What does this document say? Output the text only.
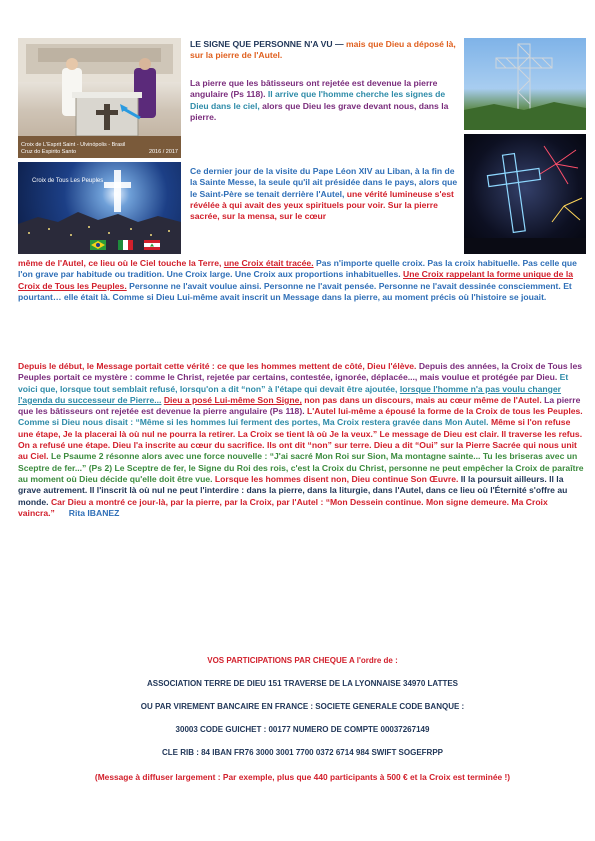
Croix de L'Esprit Saint - Ulvinópolis - Brasil
Cruz do Espirito Santo	2016 / 2017
Croix de Tous Les Peuples
LE SIGNE QUE PERSONNE N'A VU — mais que Dieu a déposé là, sur la pierre de l'Autel.
La pierre que les bâtisseurs ont rejetée est devenue la pierre angulaire (Ps 118). Il arrive que l'homme cherche les signes de Dieu dans le ciel, alors que Dieu les grave devant nous, dans la pierre.
Ce dernier jour de la visite du Pape Léon XIV au Liban, à la fin de la Sainte Messe, la seule qu'il ait présidée dans le pays, alors que le Saint-Père se tenait derrière l'Autel, une vérité lumineuse s'est révélée à qui avait des yeux spirituels pour voir. Sur la pierre sacrée, sur la mensa, sur le cœur
même de l'Autel, ce lieu où le Ciel touche la Terre, une Croix était tracée. Pas n'importe quelle croix. Pas la croix habituelle. Pas celle que l'on grave par habitude ou tradition. Une Croix large. Une Croix aux proportions inhabituelles. Une Croix rappelant la forme unique de la Croix de Tous les Peuples. Personne ne l'avait voulue ainsi. Personne ne l'avait pensée. Personne ne l'avait dessinée consciemment. Et pourtant… elle était là. Comme si Dieu Lui-même avait inscrit un Message dans la pierre, au moment précis où l'histoire se jouait.
Depuis le début, le Message portait cette vérité : ce que les hommes mettent de côté, Dieu l'élève. Depuis des années, la Croix de Tous les Peuples portait ce mystère : comme le Christ, rejetée par certains, contestée, ignorée, déplacée..., mais voulue et protégée par Dieu. Et voici que, lorsque tout semblait refusé, lorsqu'on a dit “non” à l'étape qui devait être ajoutée, lorsque l'homme n'a pas voulu changer l'agenda du successeur de Pierre... Dieu a posé Lui-même Son Signe, non pas dans un discours, mais au cœur même de l'Autel. La pierre que les bâtisseurs ont rejetée est devenue la pierre angulaire (Ps 118). L'Autel lui-même a épousé la forme de la Croix de tous les Peuples. Comme si Dieu nous disait : “Même si les hommes lui ferment des portes, Ma Croix restera gravée dans Mon Autel. Même si l'on refuse une étape, Je la placerai là où nul ne pourra la retirer. La Croix se tient là où Je la veux.” Le message de Dieu est clair. Il traverse les refus. On a refusé une étape. Dieu l'a inscrite au cœur du sacrifice. Ils ont dit “non” sur terre. Dieu a dit “Oui” sur la Pierre Sacrée qui nous unit au Ciel. Le Psaume 2 résonne alors avec une force nouvelle : “J'ai sacré Mon Roi sur Sion, Ma montagne sainte... Tu les briseras avec un Sceptre de fer...” (Ps 2) Le Sceptre de fer, le Signe du Roi des rois, c'est la Croix du Christ, personne ne peut empêcher la Croix de paraître au moment où Dieu décide qu'elle doit être vue. Lorsque les hommes disent non, Dieu continue Son Œuvre. Il la poursuit ailleurs. Il la grave autrement. Il l'inscrit là où nul ne peut l'interdire : dans la pierre, dans la liturgie, dans l'Autel, dans ce lieu où l'Éternité s'offre au monde. Car Dieu a montré ce jour-là, par la pierre, par la Croix, par l'Autel : “Mon Dessein continue. Mon signe demeure. Ma Croix vaincra.” Rita IBANEZ
VOS PARTICIPATIONS PAR CHEQUE A l'ordre de :
ASSOCIATION TERRE DE DIEU 151 TRAVERSE DE LA LYONNAISE 34970 LATTES
OU PAR VIREMENT BANCAIRE EN FRANCE : SOCIETE GENERALE CODE BANQUE :
30003 CODE GUICHET : 00177 NUMERO DE COMPTE 00037267149
CLE RIB : 84 IBAN FR76 3000 3001 7700 0372 6714 984 SWIFT SOGEFRPP
(Message à diffuser largement : Par exemple, plus que 440 participants à 500 € et la Croix est terminée !)
